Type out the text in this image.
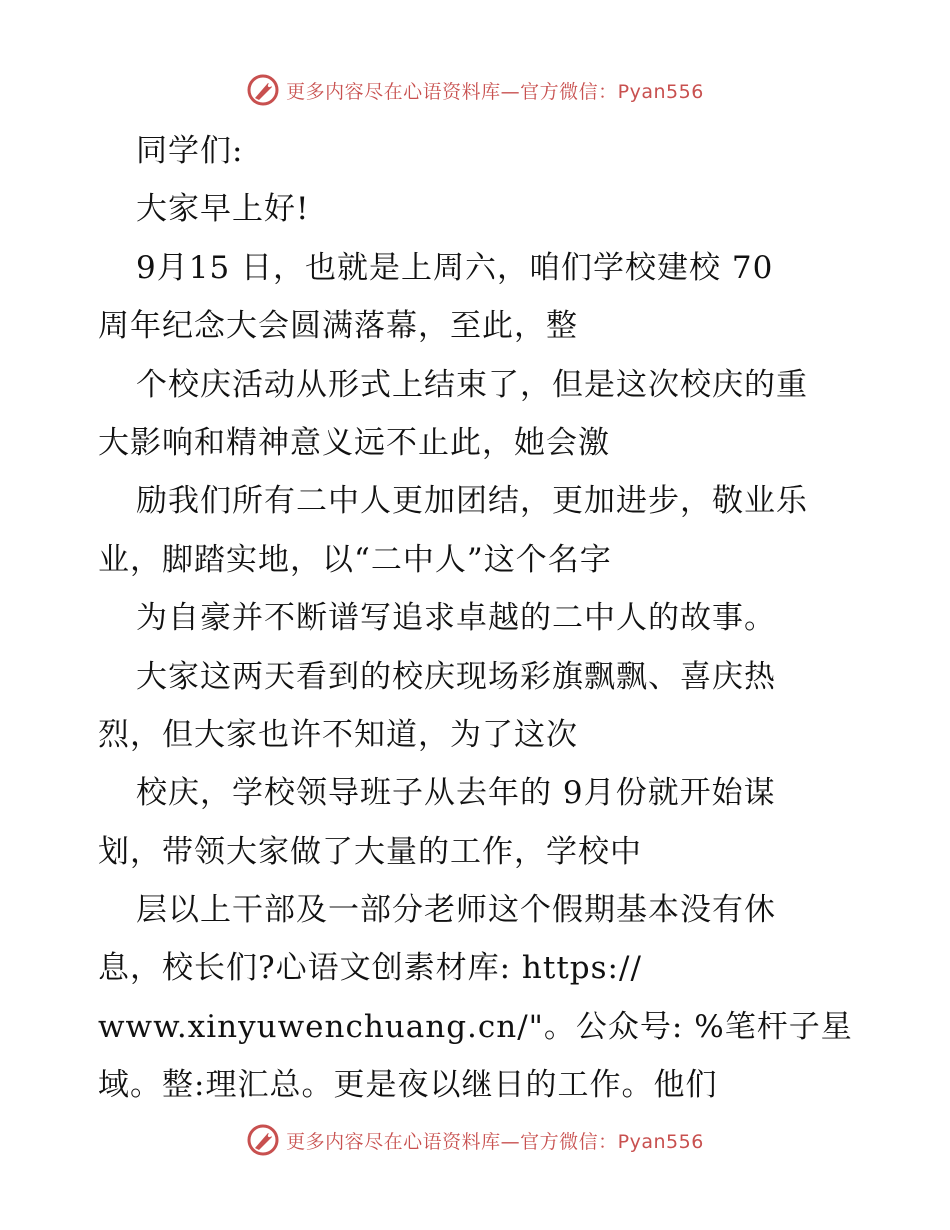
更多内容尽在心语资料库—官方微信：Pyan556
同学们:
大家早上好!
9月15 日，也就是上周六，咱们学校建校 70
周年纪念大会圆满落幕，至此，整
个校庆活动从形式上结束了，但是这次校庆的重
大影响和精神意义远不止此，她会激
励我们所有二中人更加团结，更加进步，敬业乐
业，脚踏实地，以“二中人”这个名字
为自豪并不断谱写追求卓越的二中人的故事。
大家这两天看到的校庆现场彩旗飘飘、喜庆热
烈，但大家也许不知道，为了这次
校庆，学校领导班子从去年的 9月份就开始谋
划，带领大家做了大量的工作，学校中
层以上干部及一部分老师这个假期基本没有休
息，校长们?心语文创素材库: https://
www.xinyuwenchuang.cn/"。公众号: %笔杆子星
域。整:理汇总。更是夜以继日的工作。他们
更多内容尽在心语资料库—官方微信：Pyan556
